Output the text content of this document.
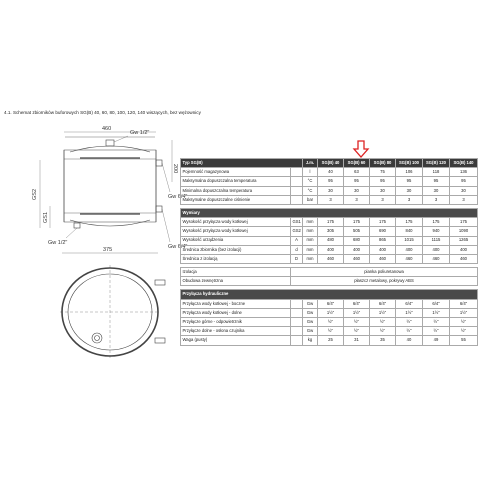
4.1. Schemat zbiorników buforowych SG(B) 40, 60, 80, 100, 120, 140 wiszących, bez wężownicy
460
Gw 1/2"
200
Gw 6/4"
Gw 6/4"
GS2
GS1
Gw 1/2"
375
Typ SG(B)		J.m.	SG(B) 40	SG(B) 60	SG(B) 80	SG(B) 100	SG(B) 120	SG(B) 140
Pojemność magazynowa		l	40	63	75	106	118	136
Maksymalna dopuszczalna temperatura		°C	95	95	95	95	95	95
Minimalna dopuszczalna temperatura		°C	30	30	30	30	30	30
Maksymalne dopuszczalne ciśnienie		bar	3	3	3	3	3	3

Wymiary								
Wysokość przyłącza wody kotłowej	GS1	mm	175	175	175	175	175	175
Wysokość przyłącza wody kotłowej	GS2	mm	305	505	690	840	940	1090
Wysokość urządzenia	A	mm	480	680	865	1015	1115	1265
Średnica zbiornika (bez izolacji)	d	mm	400	400	400	400	400	400
Średnica z izolacją	D	mm	460	460	460	460	460	460

Izolacja	pianka poliuretanowa							
Obudowa zewnętrzna	płaszcz metalowy, pokrywy ABS							

Przyłącza hydrauliczne								
Przyłącza wody kotłowej - boczne		Gw	6/4"	6/4"	6/4"	6/4"	6/4"	6/4"
Przyłącza wody kotłowej - dolne		Gw	1½"	1½"	1½"	1½"	1½"	1½"
Przyłącze górne - odpowietrznik		Gw	½"	½"	½"	½"	½"	½"
Przyłącze dolne - osłona czujnika		Gw	½"	½"	½"	½"	½"	½"
Waga (pusty)		kg	25	31	35	40	49	55
